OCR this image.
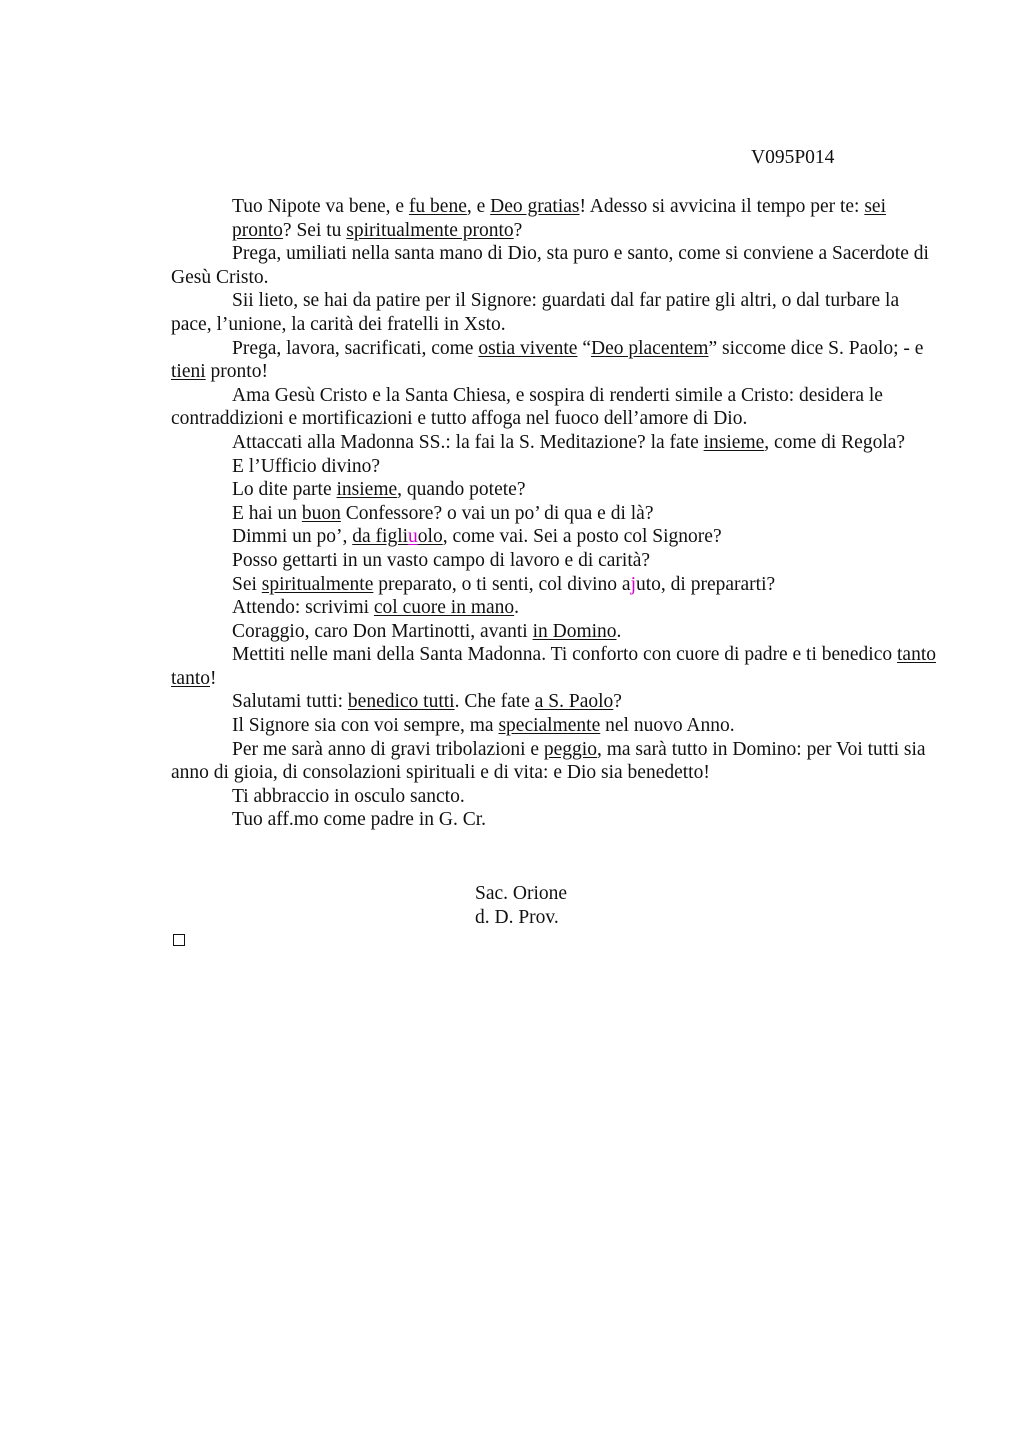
V095P014

Tuo Nipote va bene, e fu bene, e Deo gratias! Adesso si avvicina il tempo per te: sei pronto? Sei tu spiritualmente pronto?

Prega, umiliati nella santa mano di Dio, sta puro e santo, come si conviene a Sacerdote di Gesù Cristo.

Sii lieto, se hai da patire per il Signore: guardati dal far patire gli altri, o dal turbare la pace, l’unione, la carità dei fratelli in Xsto.

Prega, lavora, sacrificati, come ostia vivente “Deo placentem” siccome dice S. Paolo; - e tieni pronto!

Ama Gesù Cristo e la Santa Chiesa, e sospira di renderti simile a Cristo: desidera le contraddizioni e mortificazioni e tutto affoga nel fuoco dell’amore di Dio.

Attaccati alla Madonna SS.: la fai la S. Meditazione? la fate insieme, come di Regola?

E l’Ufficio divino?

Lo dite parte insieme, quando potete?

E hai un buon Confessore? o vai un po’ di qua e di là?

Dimmi un po’, da figliuolo, come vai. Sei a posto col Signore?

Posso gettarti in un vasto campo di lavoro e di carità?

Sei spiritualmente preparato, o ti senti, col divino ajuto, di prepararti?

Attendo: scrivimi col cuore in mano.

Coraggio, caro Don Martinotti, avanti in Domino.

Mettiti nelle mani della Santa Madonna. Ti conforto con cuore di padre e ti benedico tanto tanto!

Salutami tutti: benedico tutti. Che fate a S. Paolo?

Il Signore sia con voi sempre, ma specialmente nel nuovo Anno.

Per me sarà anno di gravi tribolazioni e peggio, ma sarà tutto in Domino: per Voi tutti sia anno di gioia, di consolazioni spirituali e di vita: e Dio sia benedetto!

Ti abbraccio in osculo sancto.

Tuo aff.mo come padre in G. Cr.

Sac. Orione
d. D. Prov.
